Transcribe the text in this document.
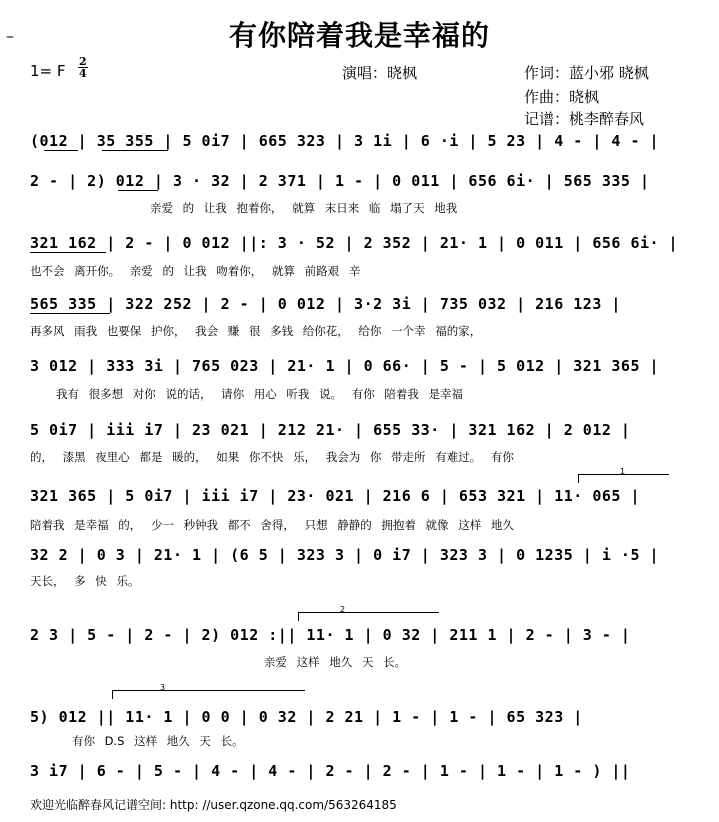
有你陪着我是幸福的
–
1= F
2
4	演唱：晓枫	作词：蓝小邪 晓枫
作曲：晓枫
记谱：桃李醉春风
(012 | 35 355 | 5 0i7 | 665 323 | 3 1i | 6 ·i | 5 23 | 4 - | 4 - |
2 - | 2) 012 | 3 · 32 | 2 371 | 1 - | 0 011 | 656 6i· | 565 335 |
亲爱 的 让我 抱着你， 就算 末日来 临 塌了天 地我
321 162 | 2 - | 0 012 ||: 3 · 52 | 2 352 | 21· 1 | 0 011 | 656 6i· |
也不会 离开你。 亲爱 的 让我 吻着你， 就算 前路艰 辛
565 335 | 322 252 | 2 - | 0 012 | 3·2 3i | 735 032 | 216 123 |
再多风 雨我 也要保 护你， 我会 赚 很 多钱 给你花， 给你 一个幸 福的家，
3 012 | 333 3i | 765 023 | 21· 1 | 0 66· | 5 - | 5 012 | 321 365 |
我有 很多想 对你 说的话， 请你 用心 听我 说。 有你 陪着我 是幸福
5 0i7 | iii i7 | 23 021 | 212 21· | 655 33· | 321 162 | 2 012 |
的， 漆黑 夜里心 都是 暖的， 如果 你不快 乐， 我会为 你 带走所 有难过。 有你
321 365 | 5 0i7 | iii i7 | 23· 021 | 216 6 | 653 321 | 11· 065 |
陪着我 是幸福 的， 少一 秒钟我 都不 舍得， 只想 静静的 拥抱着 就像 这样 地久
32 2 | 0 3 | 21· 1 | (6 5 | 323 3 | 0 i7 | 323 3 | 0 1235 | i ·5 |
天长， 多 快 乐。
2 3 | 5 - | 2 - | 2) 012 :|| 11· 1 | 0 32 | 211 1 | 2 - | 3 - |
亲爱 这样 地久 天 长。
5) 012 || 11· 1 | 0 0 | 0 32 | 2 21 | 1 - | 1 - | 65 323 |
有你 D.S 这样 地久 天 长。
3 i7 | 6 - | 5 - | 4 - | 4 - | 2 - | 2 - | 1 - | 1 - | 1 - ) ||
2
3
1
欢迎光临醉春风记谱空间: http: //user.qzone.qq.com/563264185
